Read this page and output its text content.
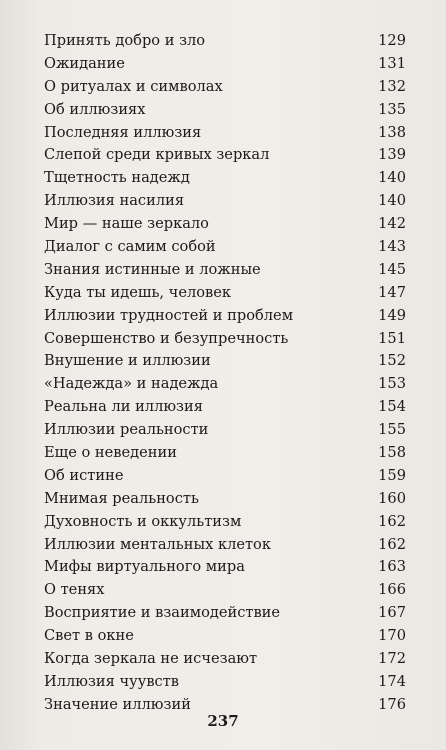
Принять добро и зло	129
Ожидание	131
О ритуалах и символах	132
Об иллюзиях	135
Последняя иллюзия	138
Слепой среди кривых зеркал	139
Тщетность надежд	140
Иллюзия насилия	140
Мир — наше зеркало	142
Диалог с самим собой	143
Знания истинные и ложные	145
Куда ты идешь, человек	147
Иллюзии трудностей и проблем	149
Совершенство и безупречность	151
Внушение и иллюзии	152
«Надежда» и надежда	153
Реальна ли иллюзия	154
Иллюзии реальности	155
Еще о неведении	158
Об истине	159
Мнимая реальность	160
Духовность и оккультизм	162
Иллюзии ментальных клеток	162
Мифы виртуального мира	163
О тенях	166
Восприятие и взаимодействие	167
Свет в окне	170
Когда зеркала не исчезают	172
Иллюзия чуувств	174
Значение иллюзий	176
237
